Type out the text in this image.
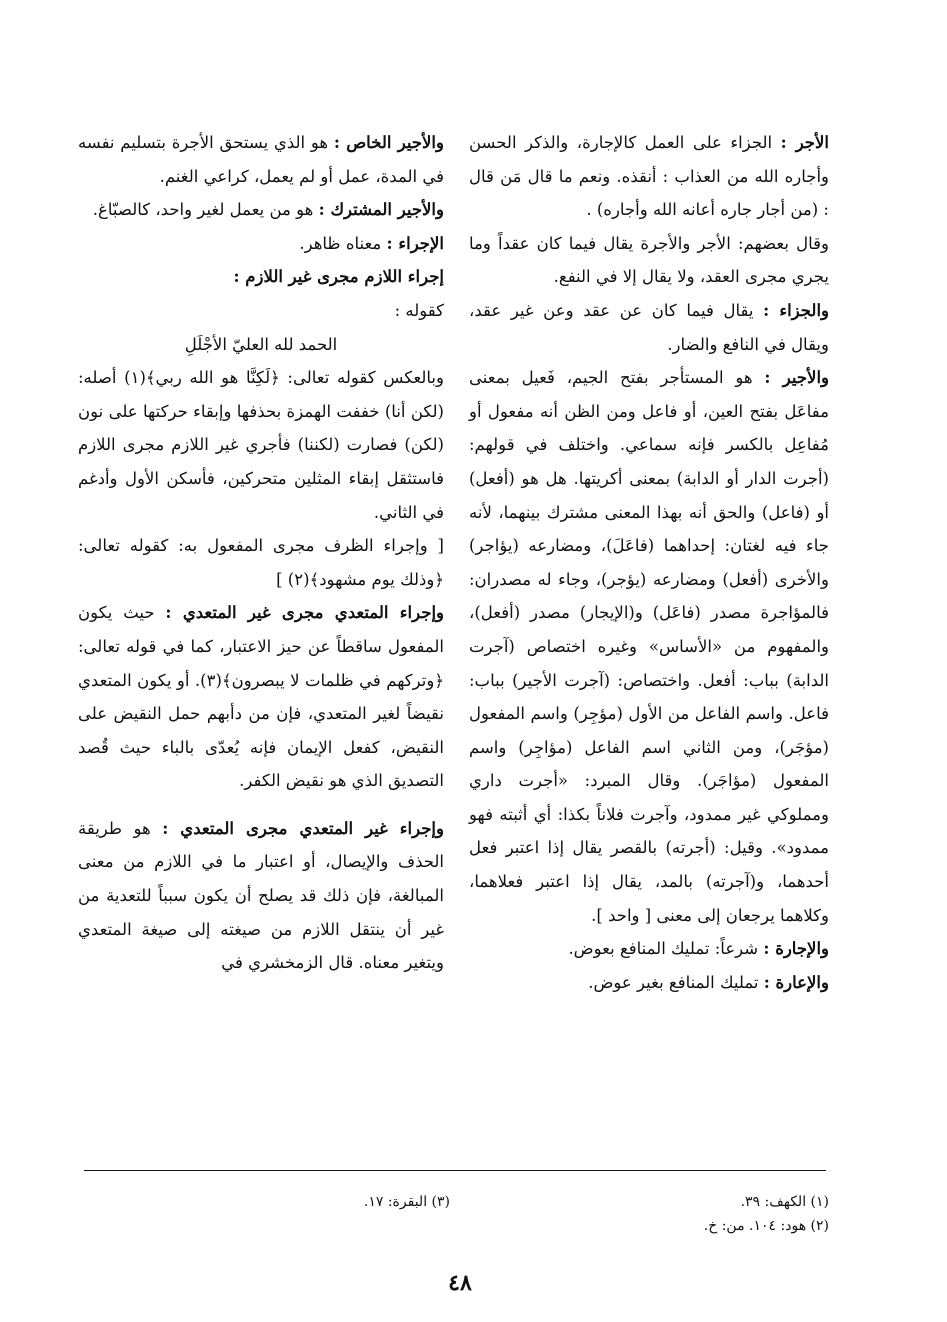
الأجر : الجزاء على العمل كالإجارة، والذكر الحسن وأجاره الله من العذاب : أنقذه. ونعم ما قال مَن قال : (من أجار جاره أعانه الله وأجاره) .

وقال بعضهم: الأجر والأجرة يقال فيما كان عقداً وما يجري مجرى العقد، ولا يقال إلا في النفع.

والجزاء : يقال فيما كان عن عقد وعن غير عقد، ويقال في النافع والضار.

والأجير : هو المستأجر بفتح الجيم، فَعيل بمعنى مفاعَل بفتح العين، أو فاعل ومن الظن أنه مفعول أو مُفاعِل بالكسر فإنه سماعي. واختلف في قولهم: (أجرت الدار أو الدابة) بمعنى أكريتها. هل هو (أفعل) أو (فاعل) والحق أنه بهذا المعنى مشترك بينهما، لأنه جاء فيه لغتان: إحداهما (فاعَلَ)، ومضارعه (يؤاجر) والأخرى (أفعل) ومضارعه (يؤجر)، وجاء له مصدران: فالمؤاجرة مصدر (فاعَل) و(الإيجار) مصدر (أفعل)، والمفهوم من «الأساس» وغيره اختصاص (آجرت الدابة) بباب: أفعل. واختصاص: (آجرت الأجير) بباب: فاعل. واسم الفاعل من الأول (مؤجِر) واسم المفعول (مؤجَر)، ومن الثاني اسم الفاعل (مؤاجِر) واسم المفعول (مؤاجَر). وقال المبرد: «أجرت داري ومملوكي غير ممدود، وآجرت فلاناً بكذا: أي أثبته فهو ممدود». وقيل: (أجرته) بالقصر يقال إذا اعتبر فعل أحدهما، و(آجرته) بالمد، يقال إذا اعتبر فعلاهما، وكلاهما يرجعان إلى معنى [ واحد ].

والإجارة : شرعاً: تمليك المنافع بعوض.

والإعارة : تمليك المنافع بغير عوض.

والأجير الخاص : هو الذي يستحق الأجرة بتسليم نفسه في المدة، عمل أو لم يعمل، كراعي الغنم.

والأجير المشترك : هو من يعمل لغير واحد، كالصبّاغ.

الإجراء : معناه ظاهر.

إجراء اللازم مجرى غير اللازم :

كقوله :

الحمد لله العليّ الأجْلَلِ

وبالعكس كقوله تعالى: ﴿لَكِنَّا هو الله ربي﴾(١) أصله: (لكن أنا) خففت الهمزة بحذفها وإبقاء حركتها على نون (لكن) فصارت (لكننا) فأجري غير اللازم مجرى اللازم فاستثقل إبقاء المثلين متحركين، فأسكن الأول وأدغم في الثاني.

[ وإجراء الظرف مجرى المفعول به: كقوله تعالى: ﴿وذلك يوم مشهود﴾(٢) ]

وإجراء المتعدي مجرى غير المتعدي : حيث يكون المفعول ساقطاً عن حيز الاعتبار، كما في قوله تعالى: ﴿وتركهم في ظلمات لا يبصرون﴾(٣). أو يكون المتعدي نقيضاً لغير المتعدي، فإن من دأبهم حمل النقيض على النقيض، كفعل الإيمان فإنه يُعدّى بالباء حيث قُصد التصديق الذي هو نقيض الكفر.

وإجراء غير المتعدي مجرى المتعدي : هو طريقة الحذف والإيصال، أو اعتبار ما في اللازم من معنى المبالغة، فإن ذلك قد يصلح أن يكون سبباً للتعدية من غير أن ينتقل اللازم من صيغته إلى صيغة المتعدي ويتغير معناه. قال الزمخشري في

(١) الكهف: ٣٩.
(٢) هود: ١٠٤. من: خ.
(٣) البقرة: ١٧.
٤٨
